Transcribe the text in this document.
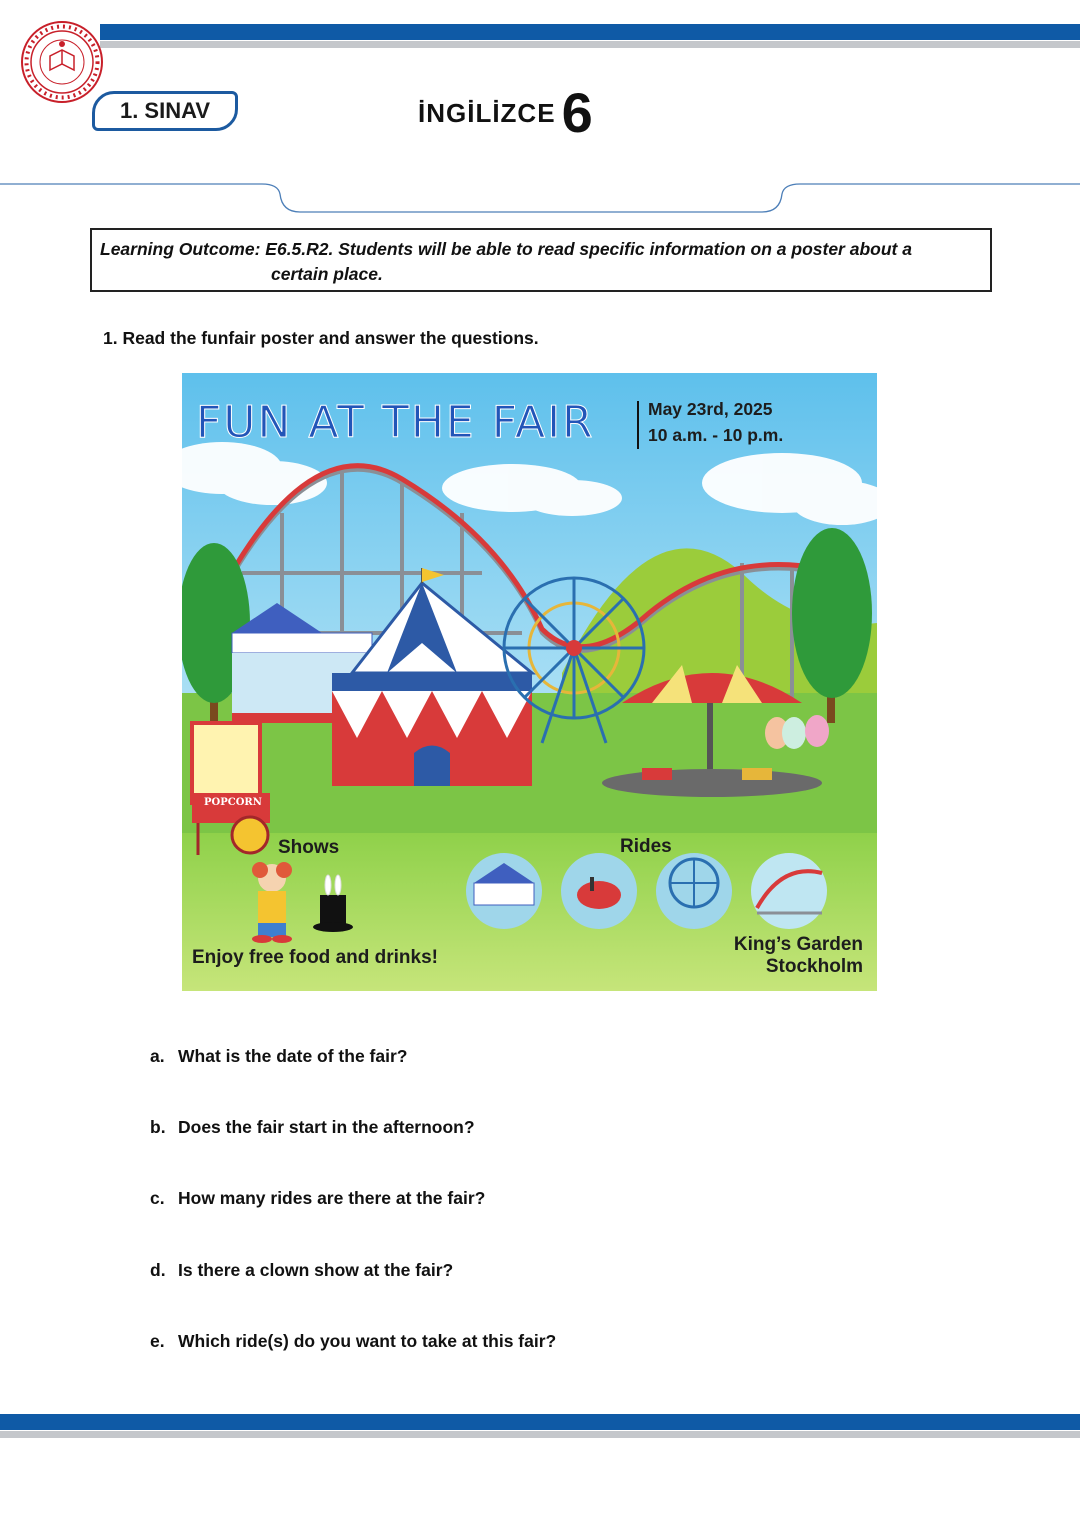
1. SINAV	İNGİLİZCE 6
Learning Outcome: E6.5.R2. Students will be able to read specific information on a poster about a
certain place.
1. Read the funfair poster and answer the questions.
FUN AT THE FAIR	May 23rd, 2025
10 a.m. - 10 p.m.
POPCORN
Shows	Rides
Enjoy free food and drinks!
King’s Garden
Stockholm
a. What is the date of the fair?
b. Does the fair start in the afternoon?
c. How many rides are there at the fair?
d. Is there a clown show at the fair?
e. Which ride(s) do you want to take at this fair?
